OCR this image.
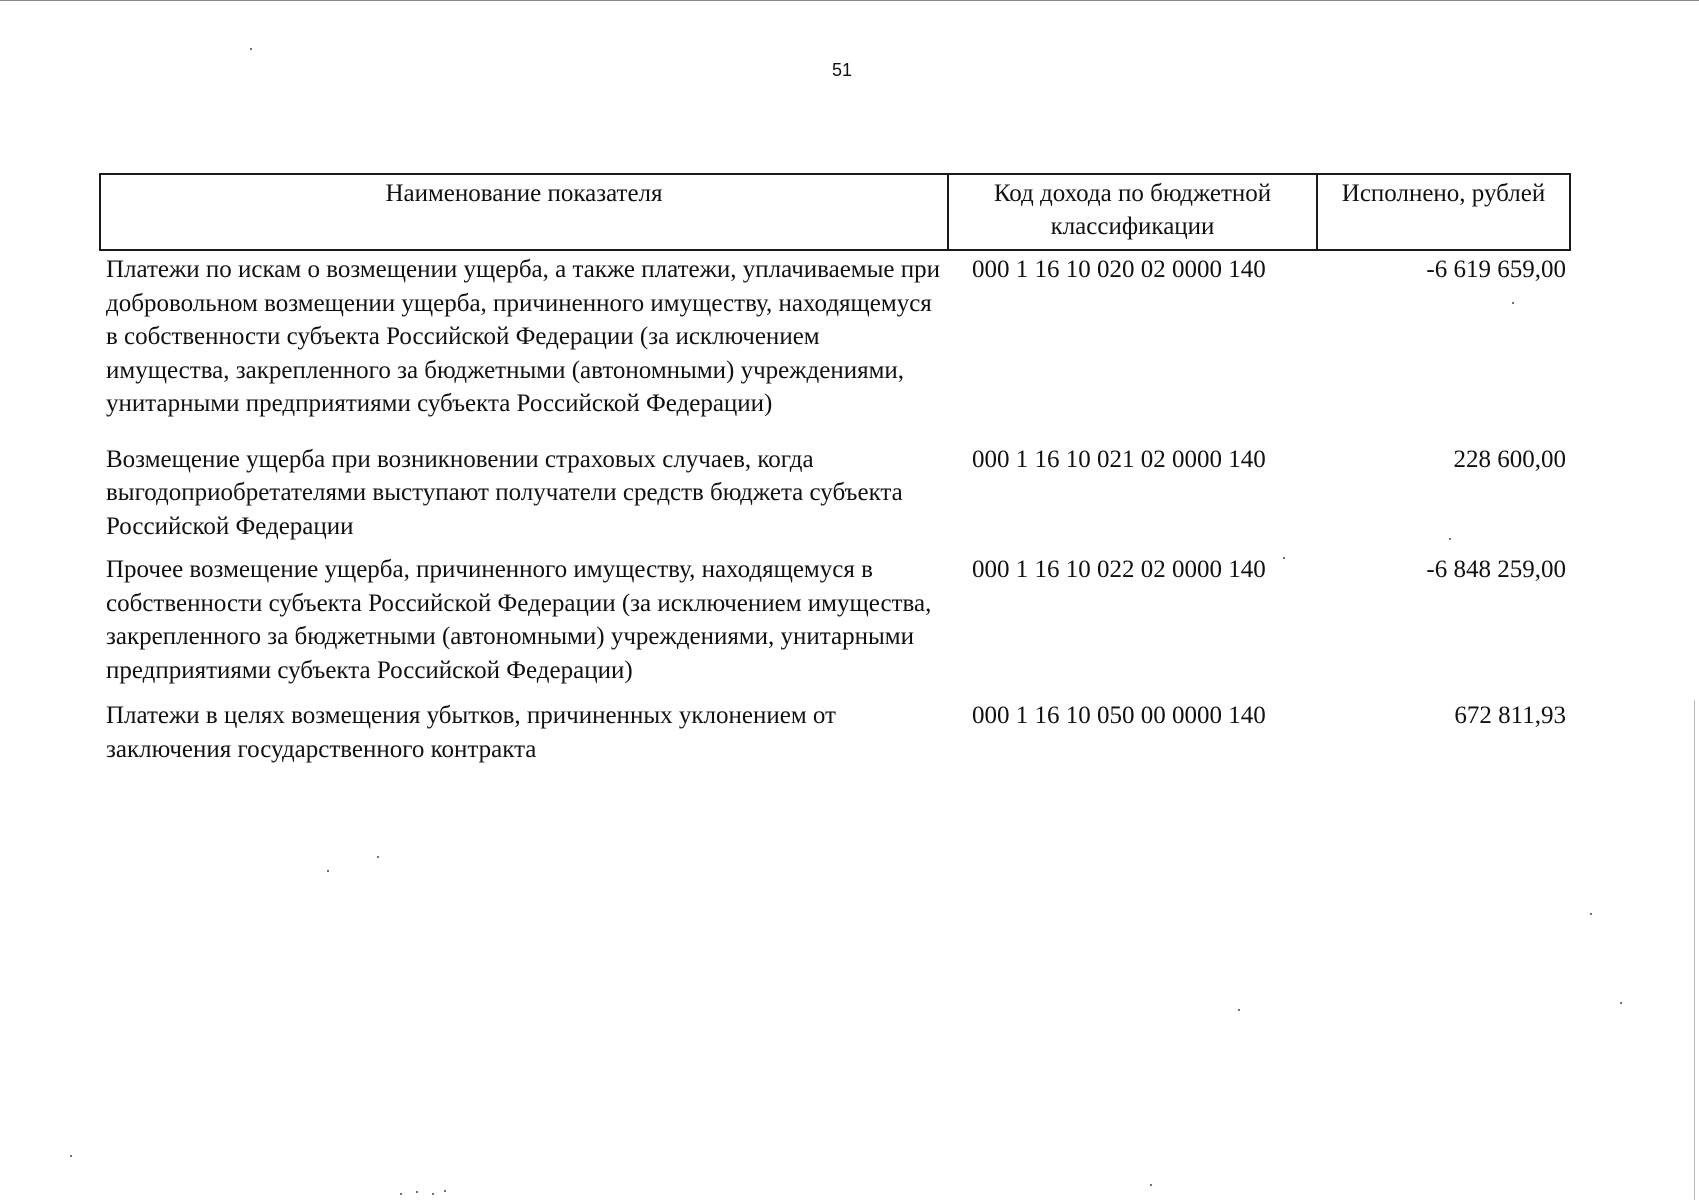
51
Наименование показателя	Код дохода по бюджетной классификации	Исполнено, рублей
Платежи по искам о возмещении ущерба, а также платежи, уплачиваемые при добровольном возмещении ущерба, причиненного имуществу, находящемуся в собственности субъекта Российской Федерации (за исключением имущества, закрепленного за бюджетными (автономными) учреждениями, унитарными предприятиями субъекта Российской Федерации)	000 1 16 10 020 02 0000 140	-6 619 659,00
Возмещение ущерба при возникновении страховых случаев, когда выгодоприобретателями выступают получатели средств бюджета субъекта Российской Федерации	000 1 16 10 021 02 0000 140	228 600,00
Прочее возмещение ущерба, причиненного имуществу, находящемуся в собственности субъекта Российской Федерации (за исключением имущества, закрепленного за бюджетными (автономными) учреждениями, унитарными предприятиями субъекта Российской Федерации)	000 1 16 10 022 02 0000 140	-6 848 259,00
Платежи в целях возмещения убытков, причиненных уклонением от заключения государственного контракта	000 1 16 10 050 00 0000 140	672 811,93
